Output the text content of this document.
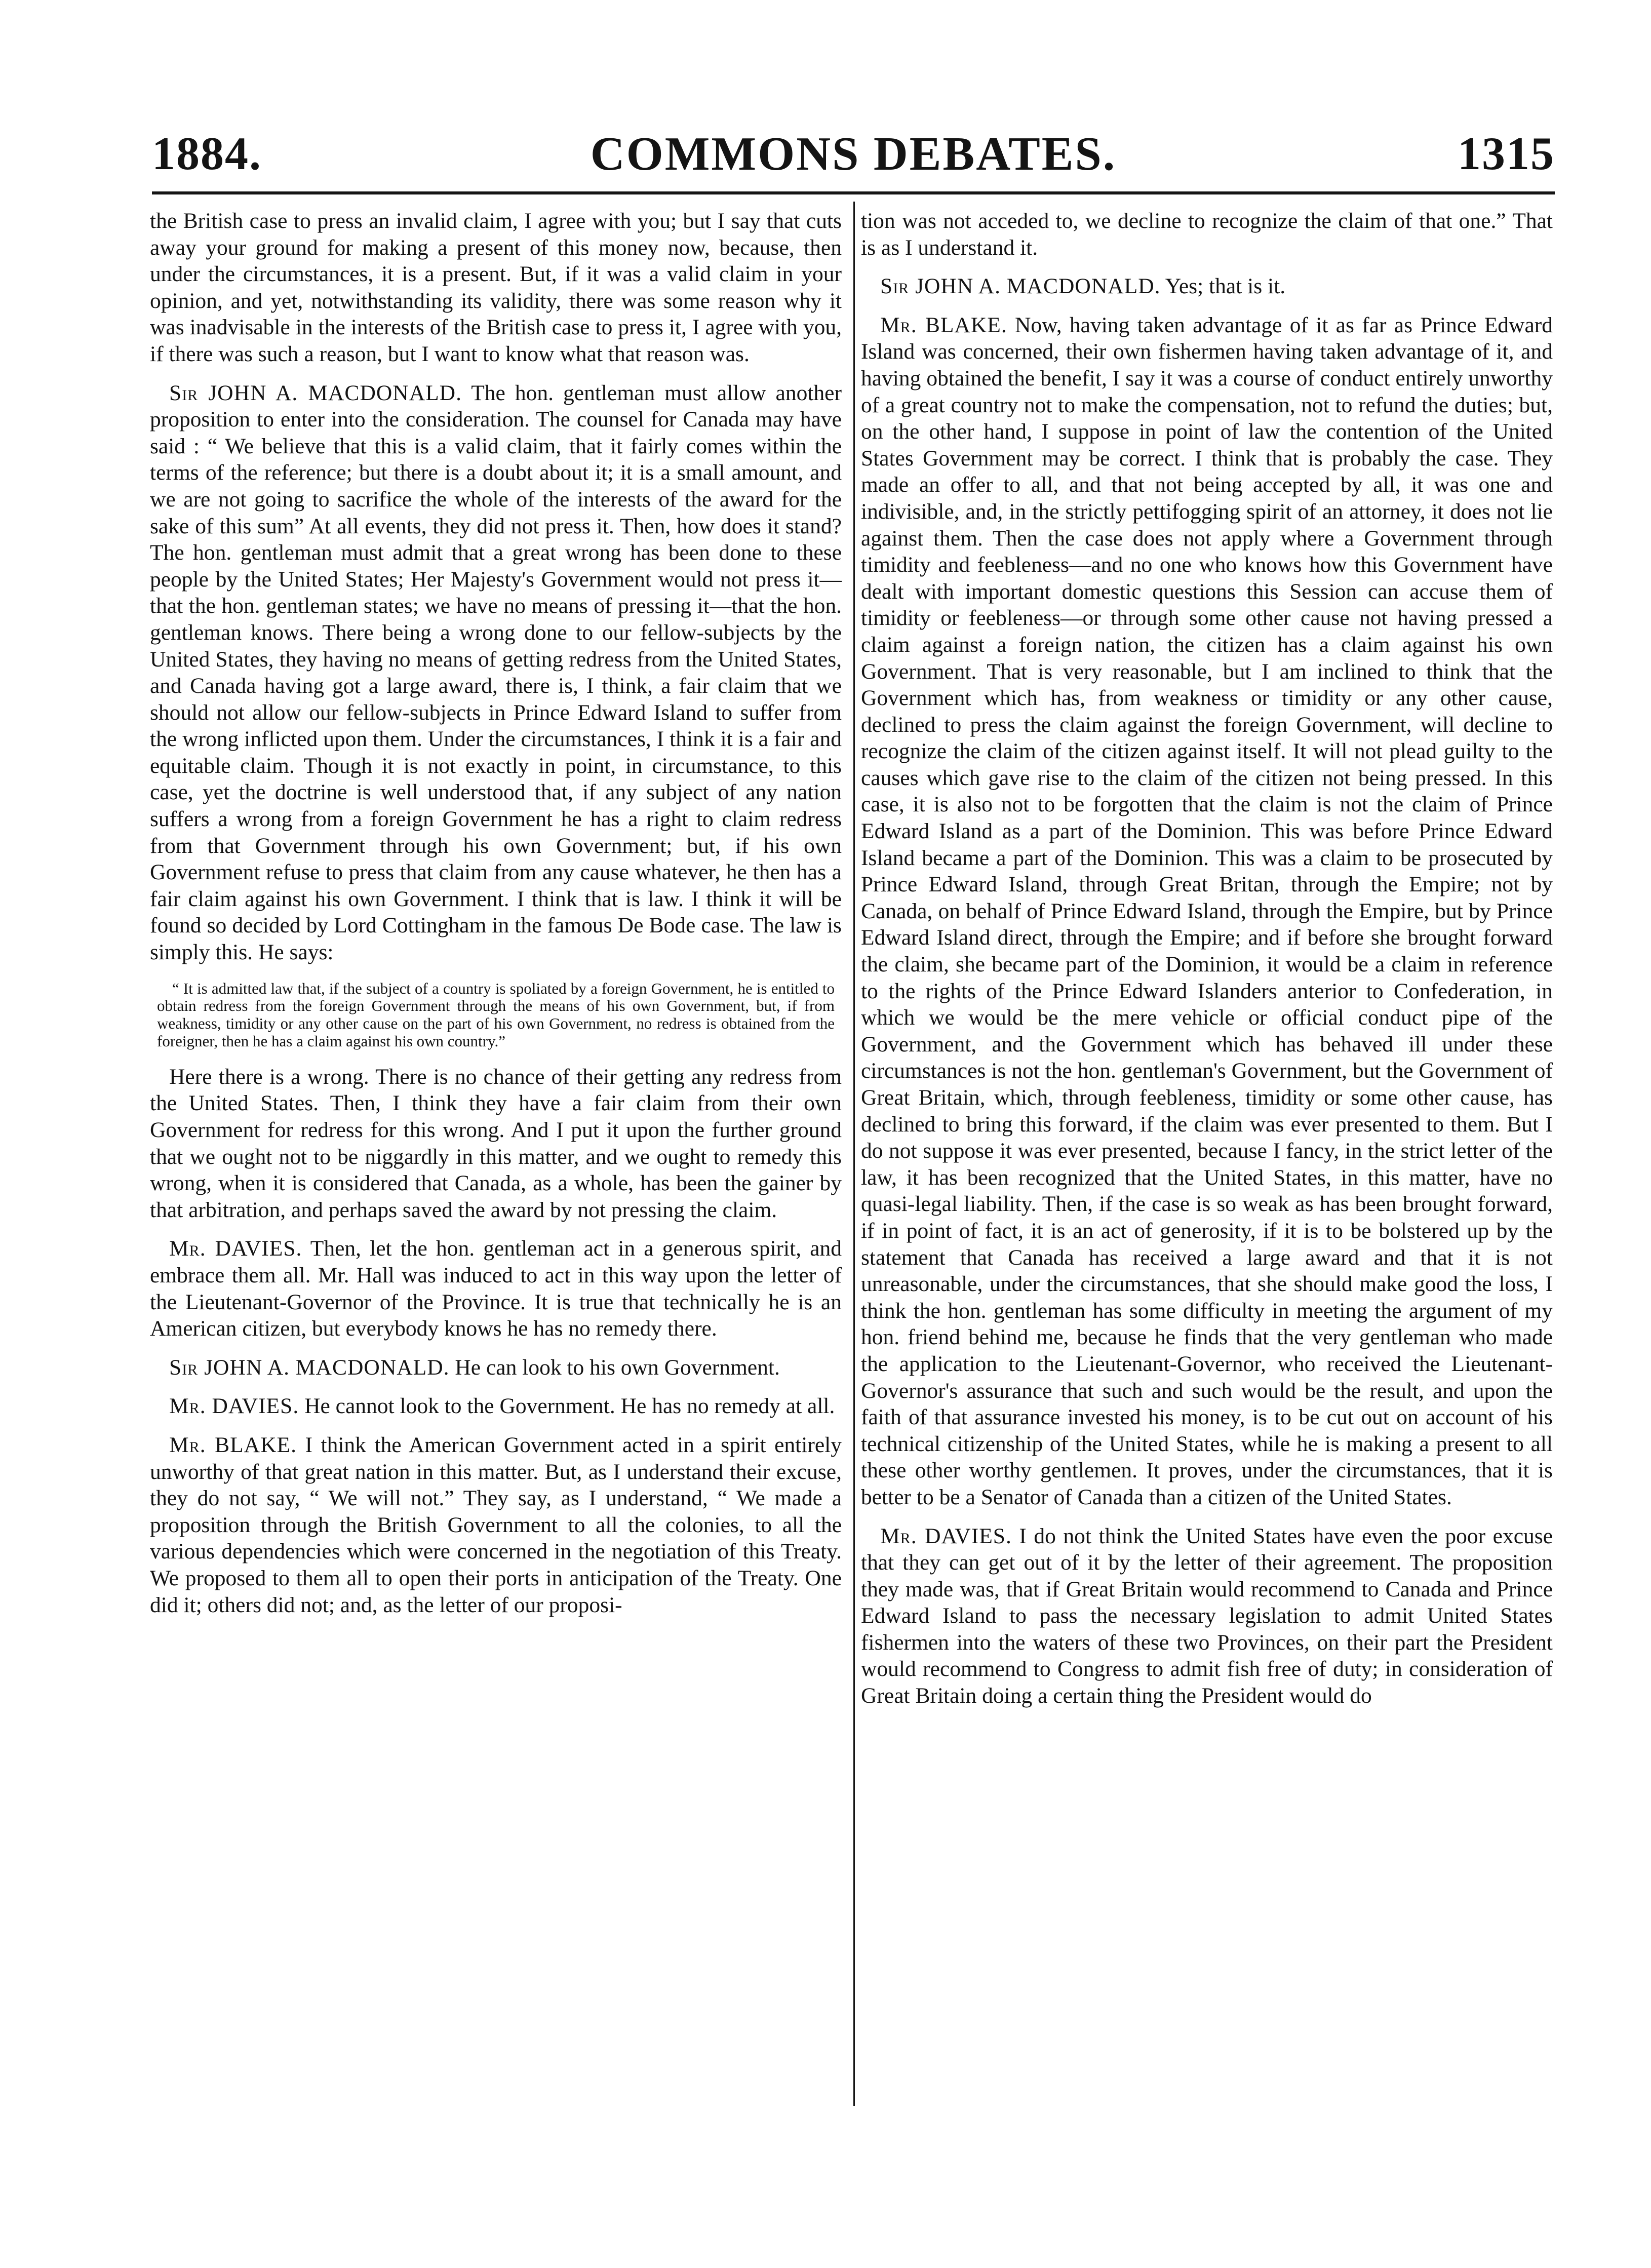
1884.	COMMONS DEBATES.	1315

the British case to press an invalid claim, I agree with you; but I say that cuts away your ground for making a present of this money now, because, then under the circumstances, it is a present. But, if it was a valid claim in your opinion, and yet, notwithstanding its validity, there was some reason why it was inadvisable in the interests of the British case to press it, I agree with you, if there was such a reason, but I want to know what that reason was.

Sir JOHN A. MACDONALD. The hon. gentleman must allow another proposition to enter into the consideration. The counsel for Canada may have said : “ We believe that this is a valid claim, that it fairly comes within the terms of the reference; but there is a doubt about it; it is a small amount, and we are not going to sacrifice the whole of the interests of the award for the sake of this sum” At all events, they did not press it. Then, how does it stand? The hon. gentleman must admit that a great wrong has been done to these people by the United States; Her Majesty's Government would not press it—that the hon. gentleman states; we have no means of pressing it—that the hon. gentleman knows. There being a wrong done to our fellow-subjects by the United States, they having no means of getting redress from the United States, and Canada having got a large award, there is, I think, a fair claim that we should not allow our fellow-subjects in Prince Edward Island to suffer from the wrong inflicted upon them. Under the circumstances, I think it is a fair and equitable claim. Though it is not exactly in point, in circumstance, to this case, yet the doctrine is well understood that, if any subject of any nation suffers a wrong from a foreign Government he has a right to claim redress from that Government through his own Government; but, if his own Government refuse to press that claim from any cause whatever, he then has a fair claim against his own Government. I think that is law. I think it will be found so decided by Lord Cottingham in the famous De Bode case. The law is simply this. He says:

“ It is admitted law that, if the subject of a country is spoliated by a foreign Government, he is entitled to obtain redress from the foreign Government through the means of his own Government, but, if from weakness, timidity or any other cause on the part of his own Government, no redress is obtained from the foreigner, then he has a claim against his own country.”

Here there is a wrong. There is no chance of their getting any redress from the United States. Then, I think they have a fair claim from their own Government for redress for this wrong. And I put it upon the further ground that we ought not to be niggardly in this matter, and we ought to remedy this wrong, when it is considered that Canada, as a whole, has been the gainer by that arbitration, and perhaps saved the award by not pressing the claim.

Mr. DAVIES. Then, let the hon. gentleman act in a generous spirit, and embrace them all. Mr. Hall was induced to act in this way upon the letter of the Lieutenant-Governor of the Province. It is true that technically he is an American citizen, but everybody knows he has no remedy there.

Sir JOHN A. MACDONALD. He can look to his own Government.

Mr. DAVIES. He cannot look to the Government. He has no remedy at all.

Mr. BLAKE. I think the American Government acted in a spirit entirely unworthy of that great nation in this matter. But, as I understand their excuse, they do not say, “ We will not.” They say, as I understand, “ We made a proposition through the British Government to all the colonies, to all the various dependencies which were concerned in the negotiation of this Treaty. We proposed to them all to open their ports in anticipation of the Treaty. One did it; others did not; and, as the letter of our proposi-

tion was not acceded to, we decline to recognize the claim of that one.” That is as I understand it.

Sir JOHN A. MACDONALD. Yes; that is it.

Mr. BLAKE. Now, having taken advantage of it as far as Prince Edward Island was concerned, their own fishermen having taken advantage of it, and having obtained the benefit, I say it was a course of conduct entirely unworthy of a great country not to make the compensation, not to refund the duties; but, on the other hand, I suppose in point of law the contention of the United States Government may be correct. I think that is probably the case. They made an offer to all, and that not being accepted by all, it was one and indivisible, and, in the strictly pettifogging spirit of an attorney, it does not lie against them. Then the case does not apply where a Government through timidity and feebleness—and no one who knows how this Government have dealt with important domestic questions this Session can accuse them of timidity or feebleness—or through some other cause not having pressed a claim against a foreign nation, the citizen has a claim against his own Government. That is very reasonable, but I am inclined to think that the Government which has, from weakness or timidity or any other cause, declined to press the claim against the foreign Government, will decline to recognize the claim of the citizen against itself. It will not plead guilty to the causes which gave rise to the claim of the citizen not being pressed. In this case, it is also not to be forgotten that the claim is not the claim of Prince Edward Island as a part of the Dominion. This was before Prince Edward Island became a part of the Dominion. This was a claim to be prosecuted by Prince Edward Island, through Great Britan, through the Empire; not by Canada, on behalf of Prince Edward Island, through the Empire, but by Prince Edward Island direct, through the Empire; and if before she brought forward the claim, she became part of the Dominion, it would be a claim in reference to the rights of the Prince Edward Islanders anterior to Confederation, in which we would be the mere vehicle or official conduct pipe of the Government, and the Government which has behaved ill under these circumstances is not the hon. gentleman's Government, but the Government of Great Britain, which, through feebleness, timidity or some other cause, has declined to bring this forward, if the claim was ever presented to them. But I do not suppose it was ever presented, because I fancy, in the strict letter of the law, it has been recognized that the United States, in this matter, have no quasi-legal liability. Then, if the case is so weak as has been brought forward, if in point of fact, it is an act of generosity, if it is to be bolstered up by the statement that Canada has received a large award and that it is not unreasonable, under the circumstances, that she should make good the loss, I think the hon. gentleman has some difficulty in meeting the argument of my hon. friend behind me, because he finds that the very gentleman who made the application to the Lieutenant-Governor, who received the Lieutenant-Governor's assurance that such and such would be the result, and upon the faith of that assurance invested his money, is to be cut out on account of his technical citizenship of the United States, while he is making a present to all these other worthy gentlemen. It proves, under the circumstances, that it is better to be a Senator of Canada than a citizen of the United States.

Mr. DAVIES. I do not think the United States have even the poor excuse that they can get out of it by the letter of their agreement. The proposition they made was, that if Great Britain would recommend to Canada and Prince Edward Island to pass the necessary legislation to admit United States fishermen into the waters of these two Provinces, on their part the President would recommend to Congress to admit fish free of duty; in consideration of Great Britain doing a certain thing the President would do
